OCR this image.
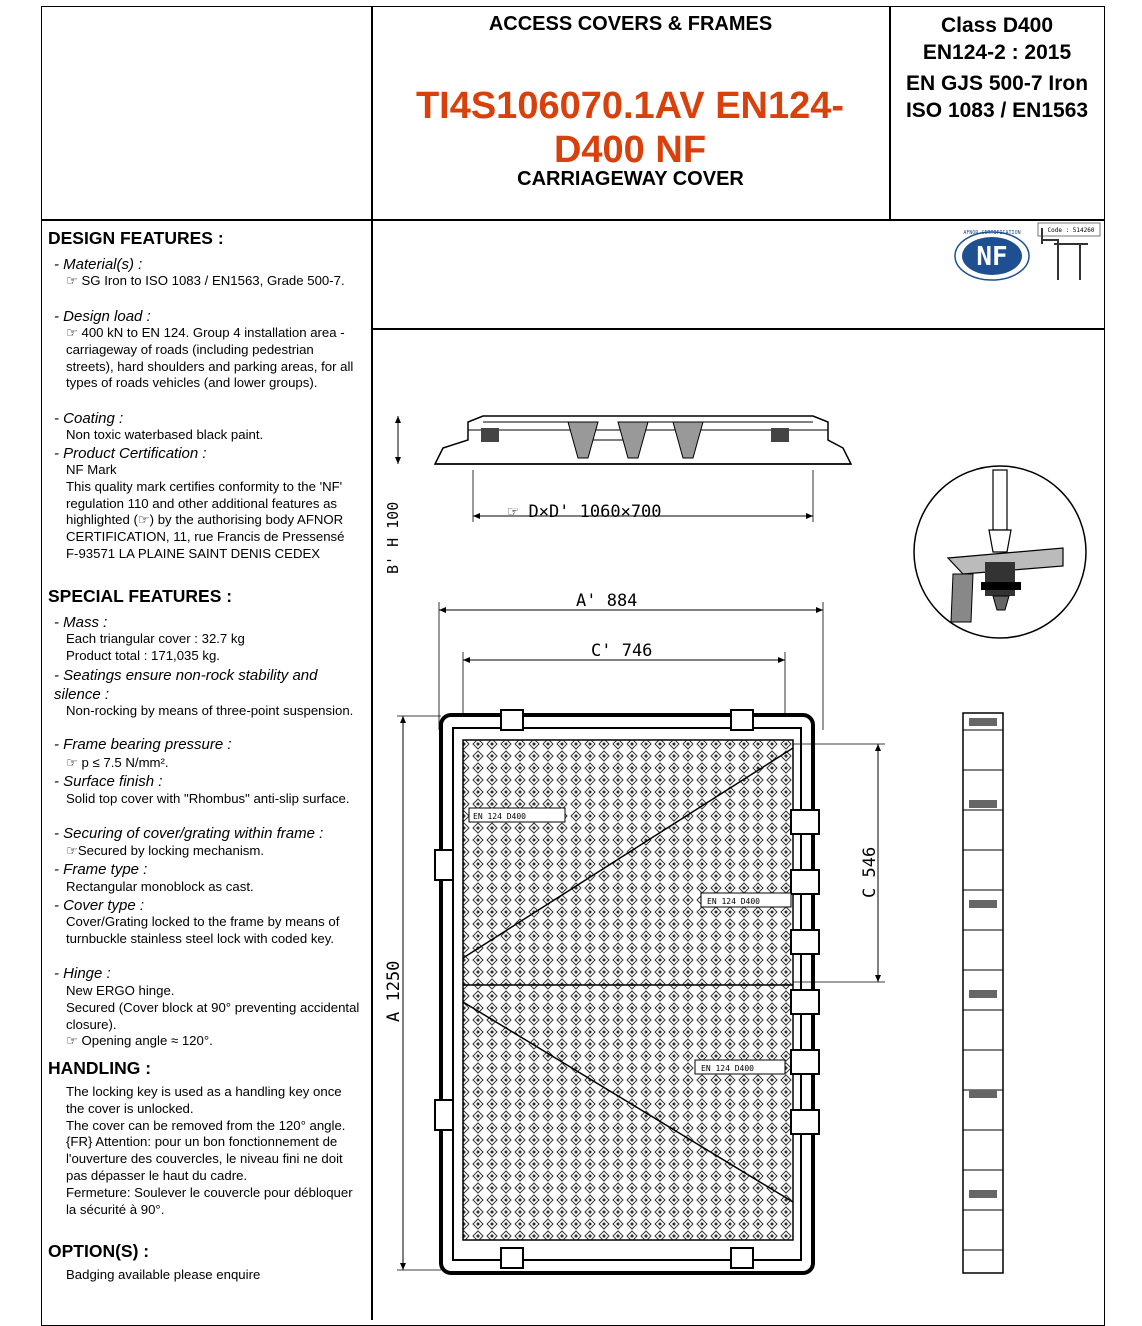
ACCESS COVERS & FRAMES
TI4S106070.1AV EN124-D400 NF
CARRIAGEWAY COVER
Class D400
EN124-2 : 2015
EN GJS 500-7 Iron
ISO 1083 / EN1563
NF
AFNOR CERTIFICATION	Code : 514260
DESIGN FEATURES :
- Material(s) :
☞ SG Iron to ISO 1083 / EN1563, Grade 500-7.
- Design load :
☞ 400 kN to EN 124. Group 4 installation area - carriageway of roads (including pedestrian streets), hard shoulders and parking areas, for all types of roads vehicles (and lower groups).
- Coating :
Non toxic waterbased black paint.
- Product Certification :
NF Mark
This quality mark certifies conformity to the 'NF' regulation 110 and other additional features as highlighted (☞) by the authorising body AFNOR CERTIFICATION, 11, rue Francis de Pressensé
F-93571 LA PLAINE SAINT DENIS CEDEX
SPECIAL FEATURES :
- Mass :
Each triangular cover : 32.7 kg
Product total : 171,035 kg.
- Seatings ensure non-rock stability and silence :
Non-rocking by means of three-point suspension.
- Frame bearing pressure :
☞ p ≤ 7.5 N/mm².
- Surface finish :
Solid top cover with "Rhombus" anti-slip surface.
- Securing of cover/grating within frame :
☞Secured by locking mechanism.
- Frame type :
Rectangular monoblock as cast.
- Cover type :
Cover/Grating locked to the frame by means of turnbuckle stainless steel lock with coded key.
- Hinge :
New ERGO hinge.
Secured (Cover block at 90° preventing accidental closure).
☞ Opening angle ≈ 120°.
HANDLING :
The locking key is used as a handling key once the cover is unlocked.
The cover can be removed from the 120° angle.
{FR} Attention: pour un bon fonctionnement de l'ouverture des couvercles, le niveau fini ne doit pas dépasser le haut du cadre.
Fermeture: Soulever le couvercle pour débloquer la sécurité à 90°.
OPTION(S) :
Badging available please enquire
☞ D×D' 1060×700
B' H 100
A' 884
C' 746
EN 124 D400
EN 124 D400
EN 124 D400
C 546
A 1250
